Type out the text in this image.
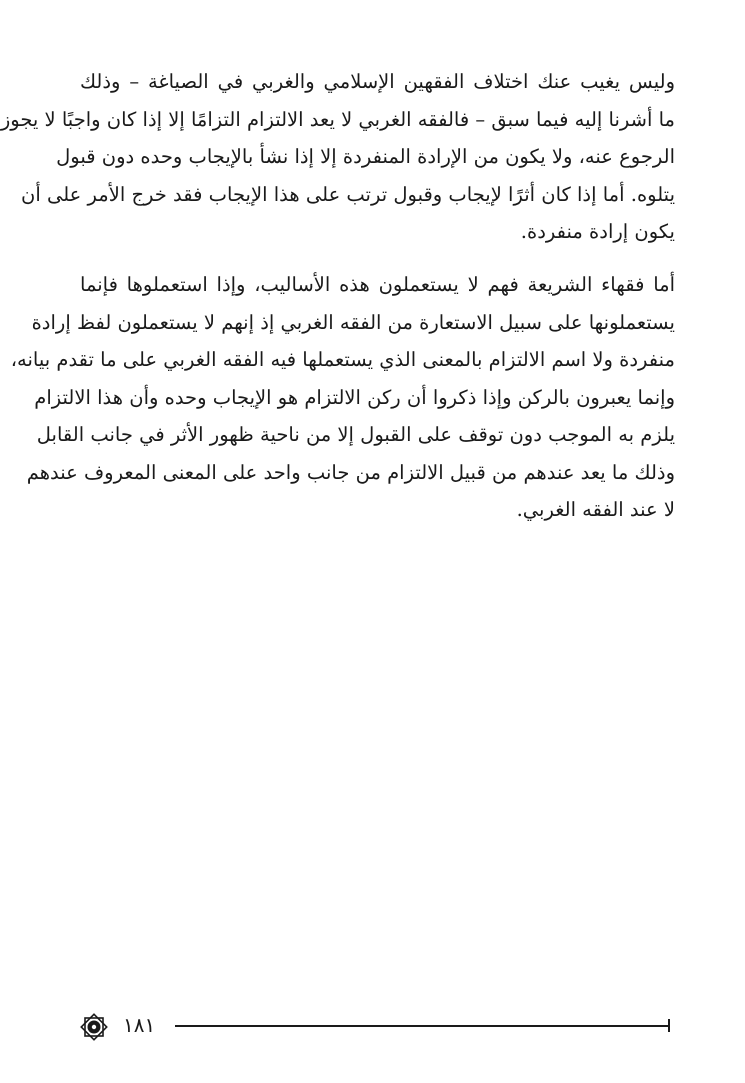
وليس يغيب عنك اختلاف الفقهين الإسلامي والغربي في الصياغة – وذلك
ما أشرنا إليه فيما سبق – فالفقه الغربي لا يعد الالتزام التزامًا إلا إذا كان واجبًا لا يجوز
الرجوع عنه، ولا يكون من الإرادة المنفردة إلا إذا نشأ بالإيجاب وحده دون قبول
يتلوه. أما إذا كان أثرًا لإيجاب وقبول ترتب على هذا الإيجاب فقد خرج الأمر على أن
يكون إرادة منفردة.
أما فقهاء الشريعة فهم لا يستعملون هذه الأساليب، وإذا استعملوها فإنما
يستعملونها على سبيل الاستعارة من الفقه الغربي إذ إنهم لا يستعملون لفظ إرادة
منفردة ولا اسم الالتزام بالمعنى الذي يستعملها فيه الفقه الغربي على ما تقدم بيانه،
وإنما يعبرون بالركن وإذا ذكروا أن ركن الالتزام هو الإيجاب وحده وأن هذا الالتزام
يلزم به الموجب دون توقف على القبول إلا من ناحية ظهور الأثر في جانب القابل
وذلك ما يعد عندهم من قبيل الالتزام من جانب واحد على المعنى المعروف عندهم
لا عند الفقه الغربي.
١٨١
